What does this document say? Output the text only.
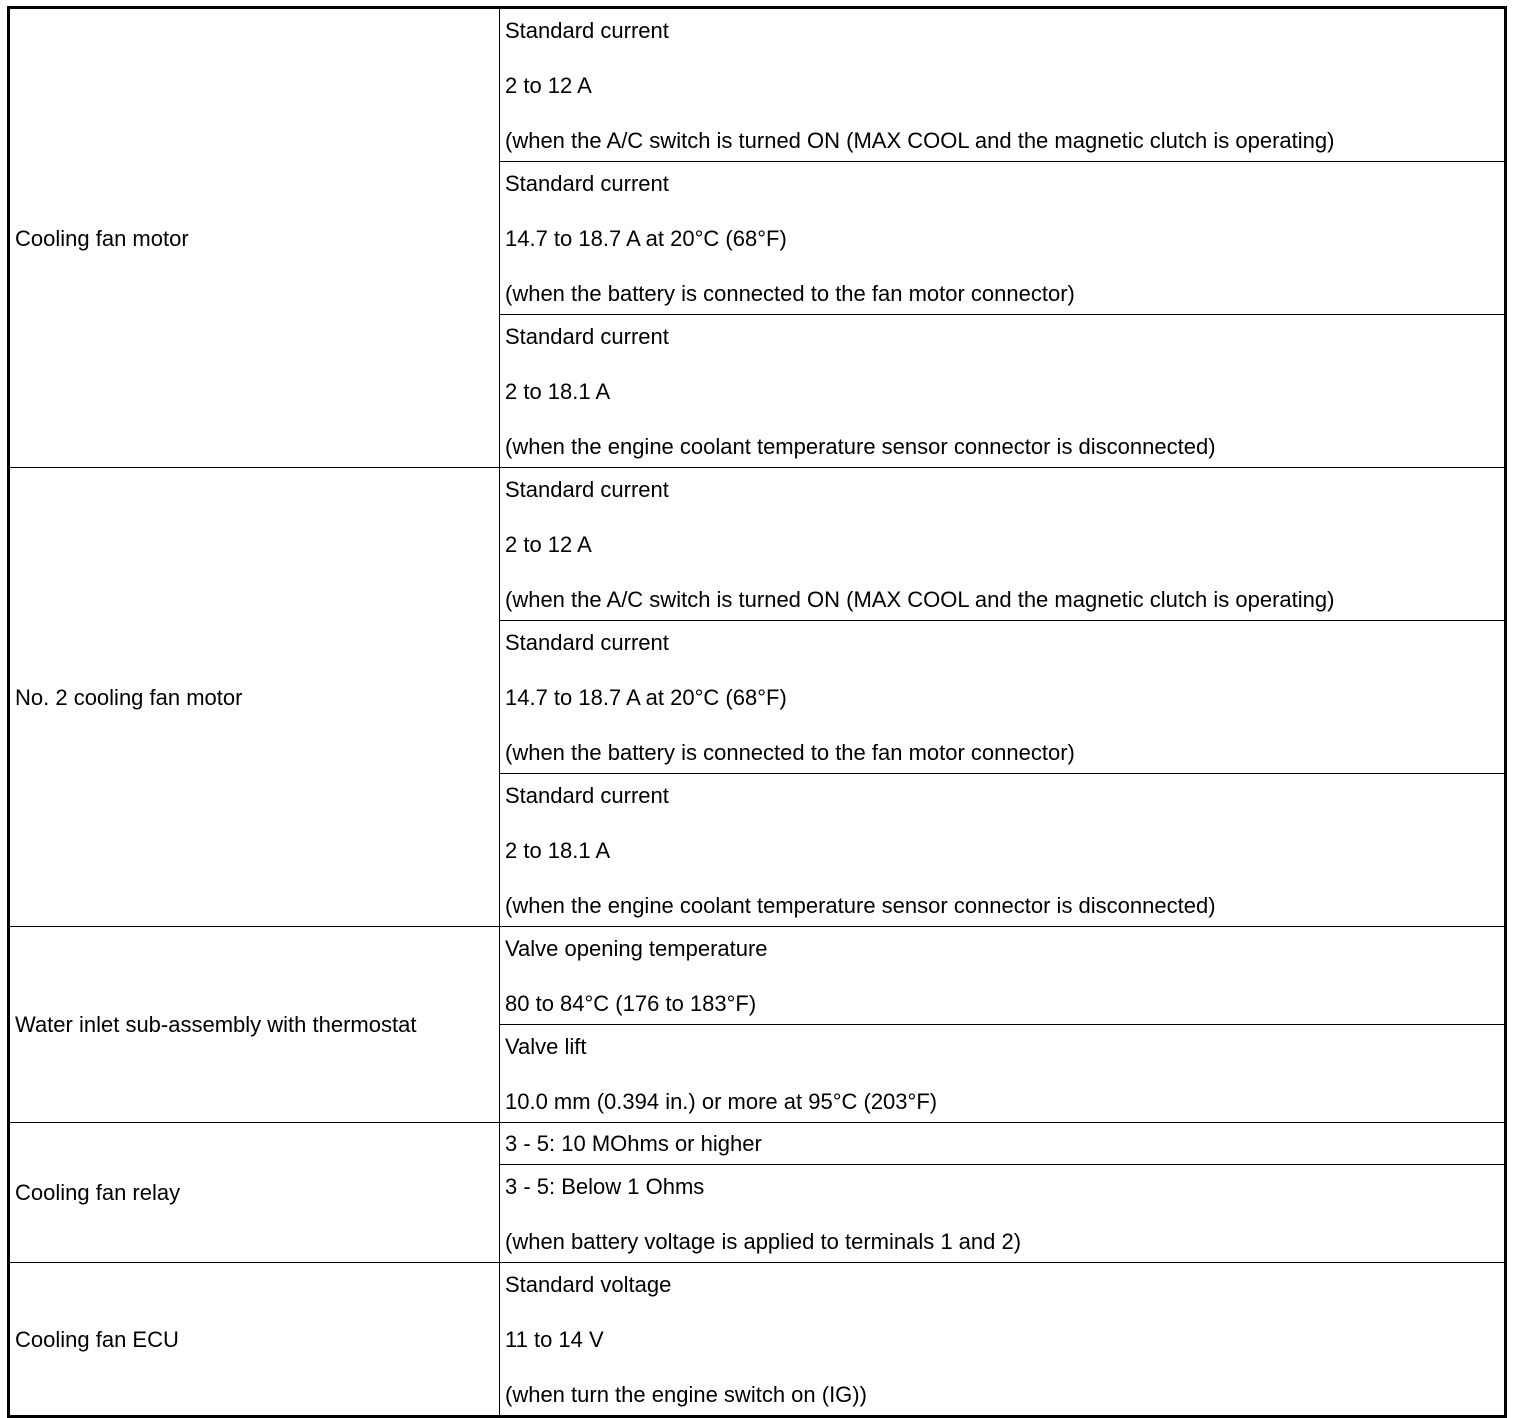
Cooling fan motor	Standard current
2 to 12 A
(when the A/C switch is turned ON (MAX COOL and the magnetic clutch is operating)

	Standard current
14.7 to 18.7 A at 20°C (68°F)
(when the battery is connected to the fan motor connector)

	Standard current
2 to 18.1 A
(when the engine coolant temperature sensor connector is disconnected)

No. 2 cooling fan motor	Standard current
2 to 12 A
(when the A/C switch is turned ON (MAX COOL and the magnetic clutch is operating)

	Standard current
14.7 to 18.7 A at 20°C (68°F)
(when the battery is connected to the fan motor connector)

	Standard current
2 to 18.1 A
(when the engine coolant temperature sensor connector is disconnected)

Water inlet sub-assembly with thermostat	Valve opening temperature
80 to 84°C (176 to 183°F)

	Valve lift
10.0 mm (0.394 in.) or more at 95°C (203°F)

Cooling fan relay	3 - 5: 10 MOhms or higher

	3 - 5: Below 1 Ohms
(when battery voltage is applied to terminals 1 and 2)

Cooling fan ECU	Standard voltage
11 to 14 V
(when turn the engine switch on (IG))
